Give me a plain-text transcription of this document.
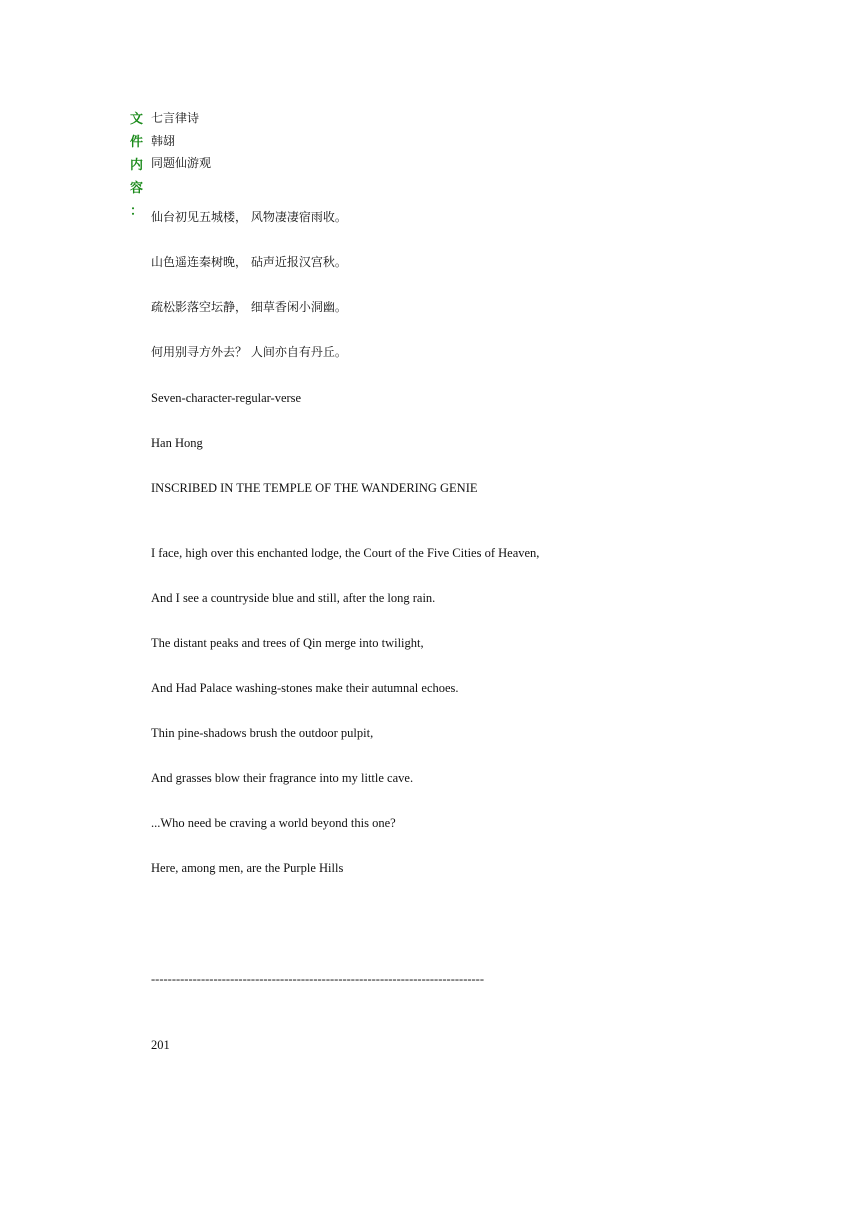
文
件
内
容
：
七言律诗
韩翃
同题仙游观
仙台初见五城楼， 风物凄凄宿雨收。
山色遥连秦树晚， 砧声近报汉宫秋。
疏松影落空坛静， 细草香闲小洞幽。
何用别寻方外去？ 人间亦自有丹丘。
Seven-character-regular-verse
Han Hong
INSCRIBED IN THE TEMPLE OF THE WANDERING GENIE
I face, high over this enchanted lodge, the Court of the Five Cities of Heaven,
And I see a countryside blue and still, after the long rain.
The distant peaks and trees of Qin merge into twilight,
And Had Palace washing-stones make their autumnal echoes.
Thin pine-shadows brush the outdoor pulpit,
And grasses blow their fragrance into my little cave.
...Who need be craving a world beyond this one?
Here, among men, are the Purple Hills
--------------------------------------------------------------------------------
201
